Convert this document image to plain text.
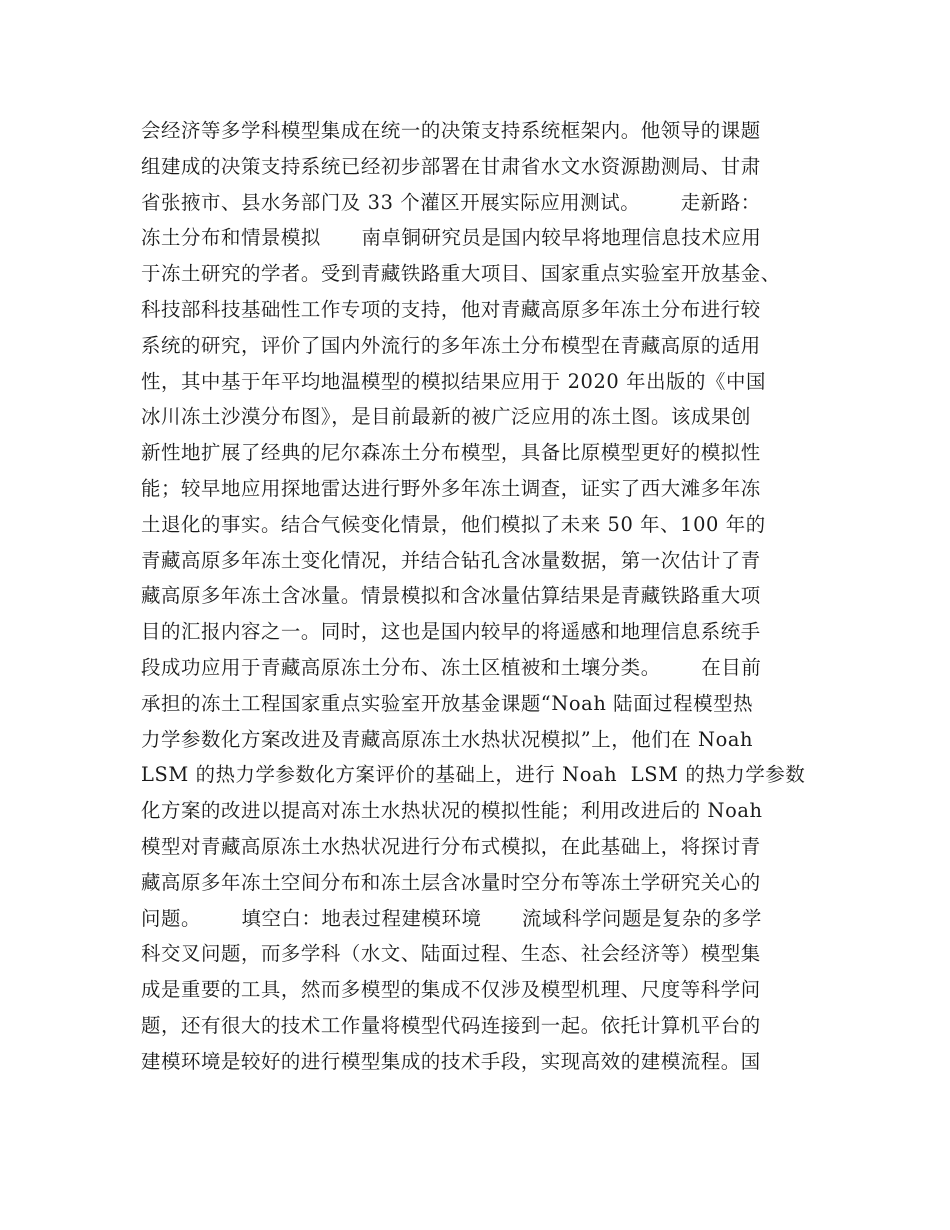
会经济等多学科模型集成在统一的决策支持系统框架内。他领导的课题
组建成的决策支持系统已经初步部署在甘肃省水文水资源勘测局、甘肃
省张掖市、县水务部门及 33 个灌区开展实际应用测试。      走新路：
冻土分布和情景模拟      南卓铜研究员是国内较早将地理信息技术应用
于冻土研究的学者。受到青藏铁路重大项目、国家重点实验室开放基金、
科技部科技基础性工作专项的支持，他对青藏高原多年冻土分布进行较
系统的研究，评价了国内外流行的多年冻土分布模型在青藏高原的适用
性，其中基于年平均地温模型的模拟结果应用于 2020 年出版的《中国
冰川冻土沙漠分布图》，是目前最新的被广泛应用的冻土图。该成果创
新性地扩展了经典的尼尔森冻土分布模型，具备比原模型更好的模拟性
能；较早地应用探地雷达进行野外多年冻土调查，证实了西大滩多年冻
土退化的事实。结合气候变化情景，他们模拟了未来 50 年、100 年的
青藏高原多年冻土变化情况，并结合钻孔含冰量数据，第一次估计了青
藏高原多年冻土含冰量。情景模拟和含冰量估算结果是青藏铁路重大项
目的汇报内容之一。同时，这也是国内较早的将遥感和地理信息系统手
段成功应用于青藏高原冻土分布、冻土区植被和土壤分类。      在目前
承担的冻土工程国家重点实验室开放基金课题“Noah 陆面过程模型热
力学参数化方案改进及青藏高原冻土水热状况模拟”上，他们在 Noah
LSM 的热力学参数化方案评价的基础上，进行 Noah  LSM 的热力学参数
化方案的改进以提高对冻土水热状况的模拟性能；利用改进后的 Noah
模型对青藏高原冻土水热状况进行分布式模拟，在此基础上，将探讨青
藏高原多年冻土空间分布和冻土层含冰量时空分布等冻土学研究关心的
问题。      填空白：地表过程建模环境      流域科学问题是复杂的多学
科交叉问题，而多学科（水文、陆面过程、生态、社会经济等）模型集
成是重要的工具，然而多模型的集成不仅涉及模型机理、尺度等科学问
题，还有很大的技术工作量将模型代码连接到一起。依托计算机平台的
建模环境是较好的进行模型集成的技术手段，实现高效的建模流程。国
